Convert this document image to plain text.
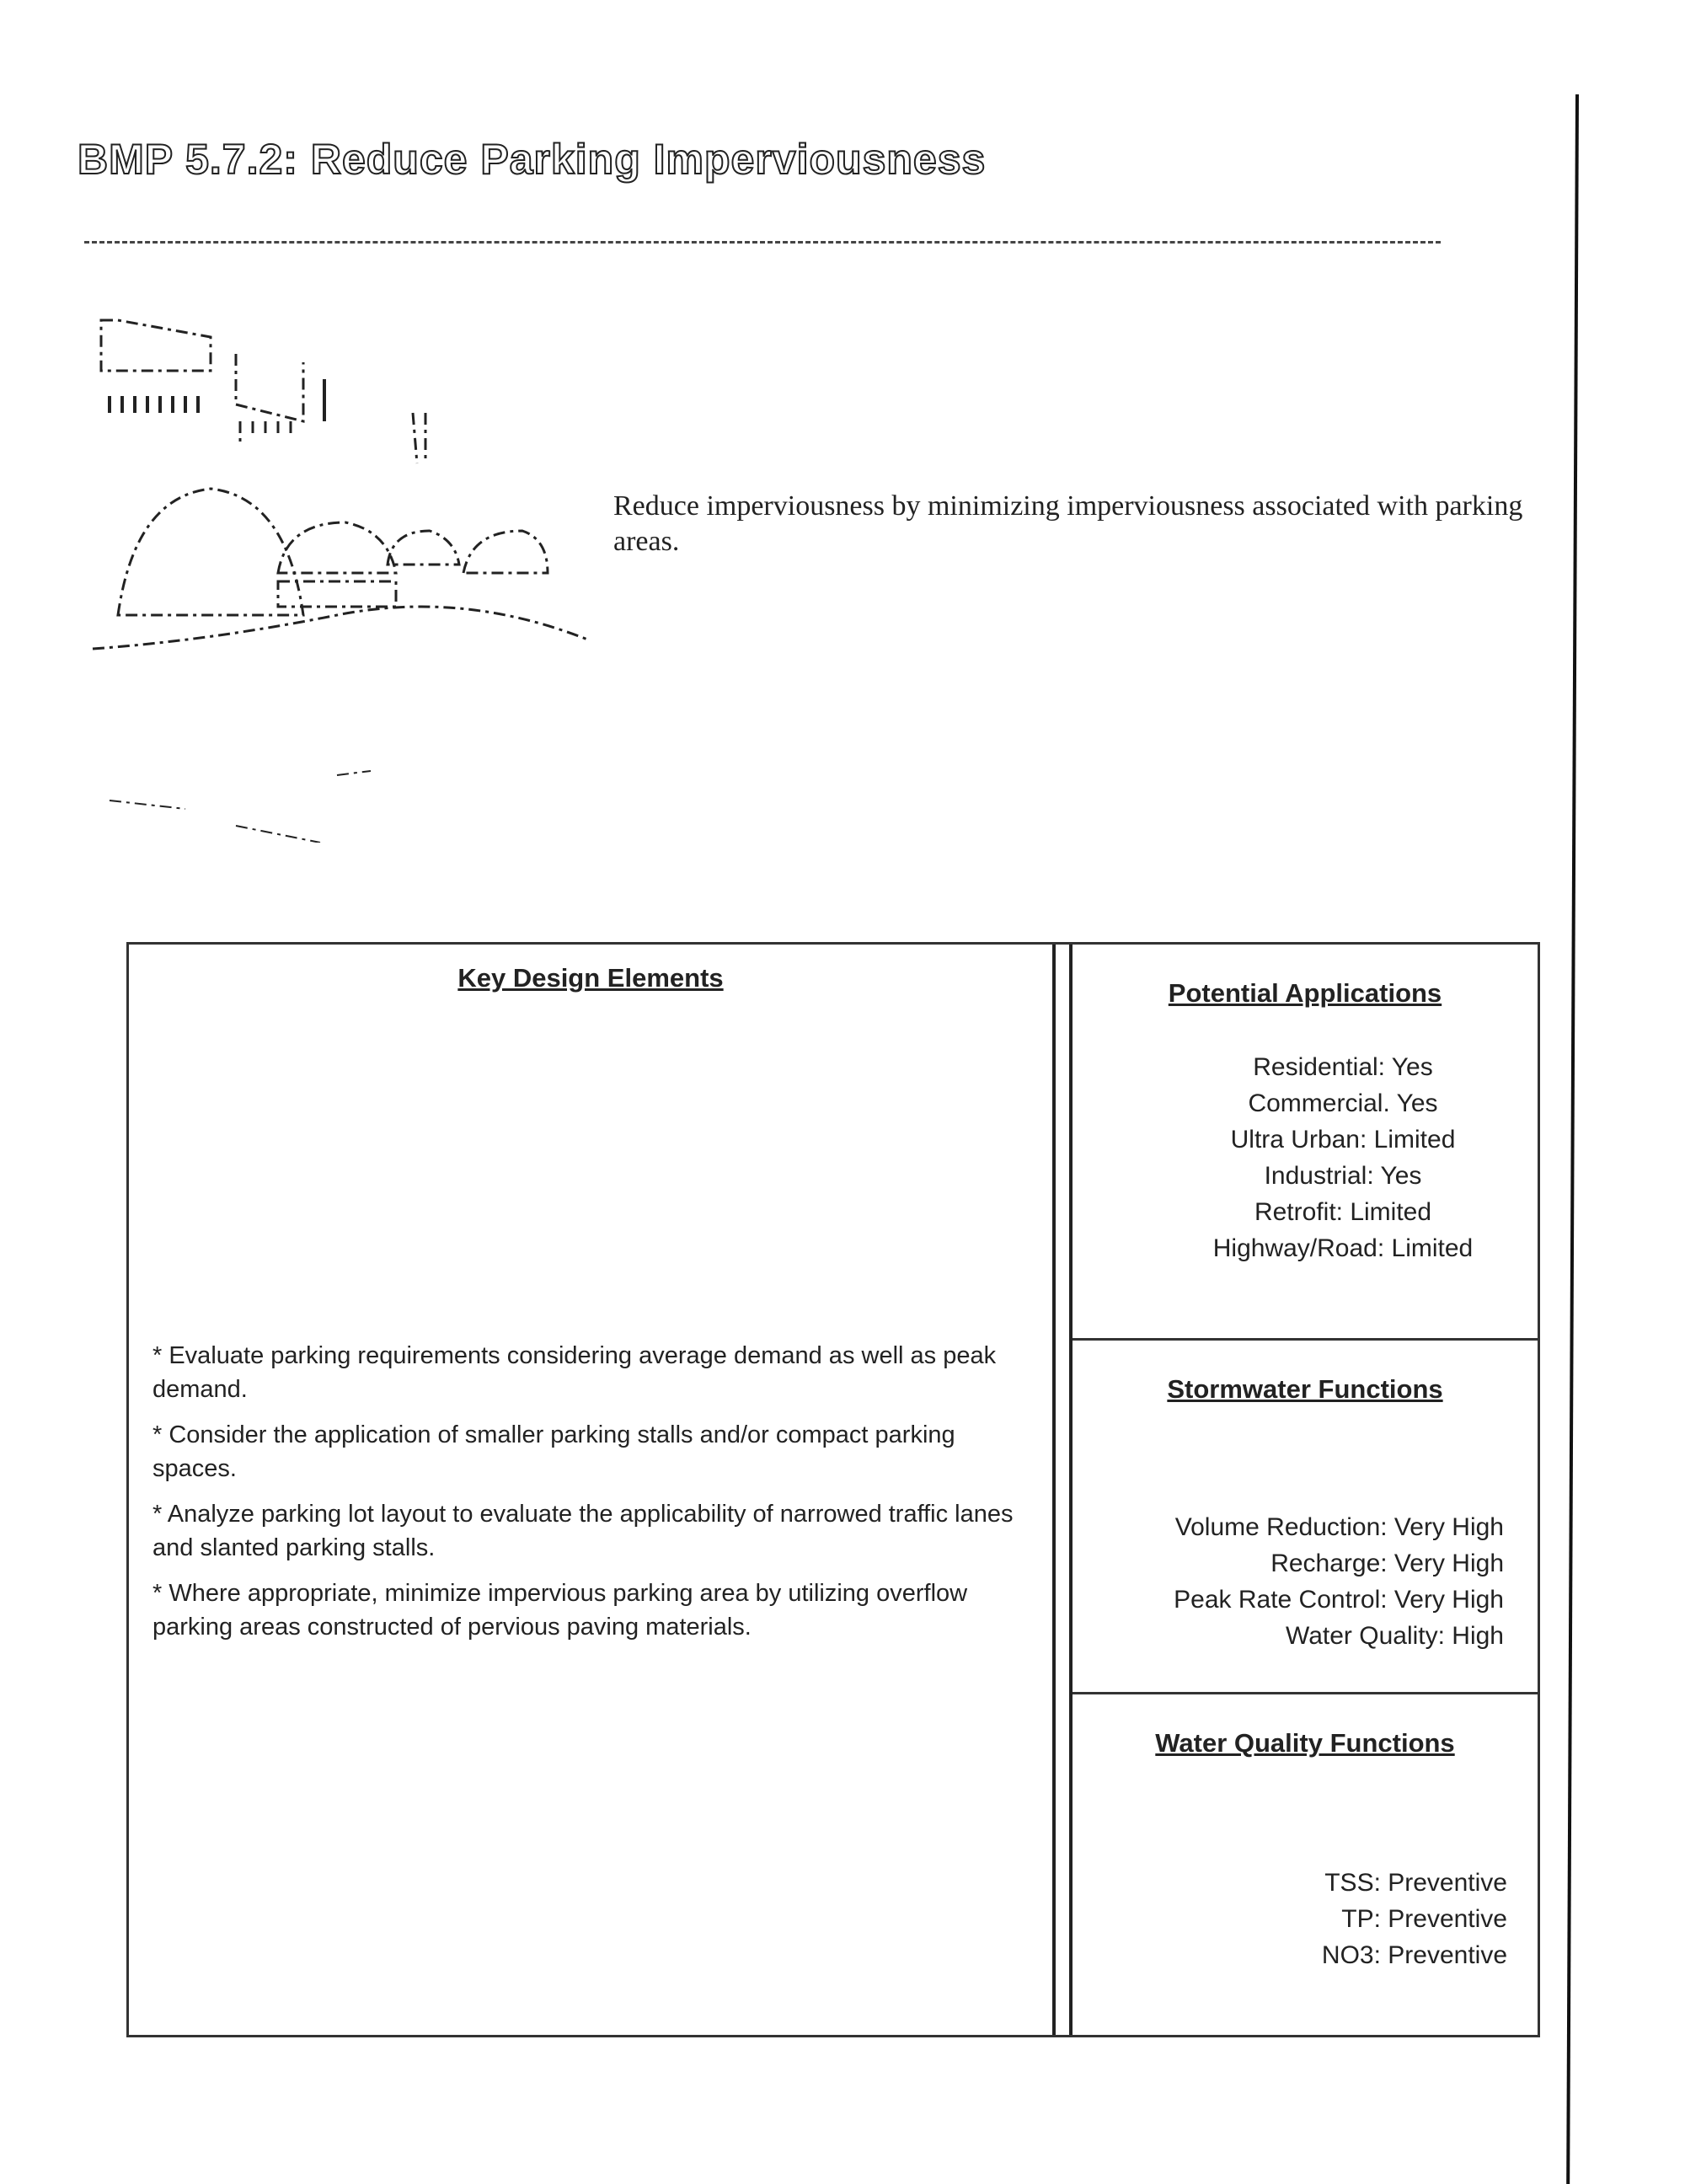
BMP 5.7.2: Reduce Parking Imperviousness
Reduce imperviousness by minimizing imperviousness associated with parking areas.
Key Design Elements

* Evaluate parking requirements considering average demand as well as peak demand.

* Consider the application of smaller parking stalls and/or compact parking spaces.

* Analyze parking lot layout to evaluate the applicability of narrowed traffic lanes and slanted parking stalls.

* Where appropriate, minimize impervious parking area by utilizing overflow parking areas constructed of pervious paving materials.

Potential Applications
Residential: Yes
Commercial. Yes
Ultra Urban: Limited
Industrial: Yes
Retrofit: Limited
Highway/Road: Limited
Stormwater Functions
Volume Reduction: Very High
Recharge: Very High
Peak Rate Control: Very High
Water Quality: High
Water Quality Functions
TSS: Preventive
TP: Preventive
NO3: Preventive
